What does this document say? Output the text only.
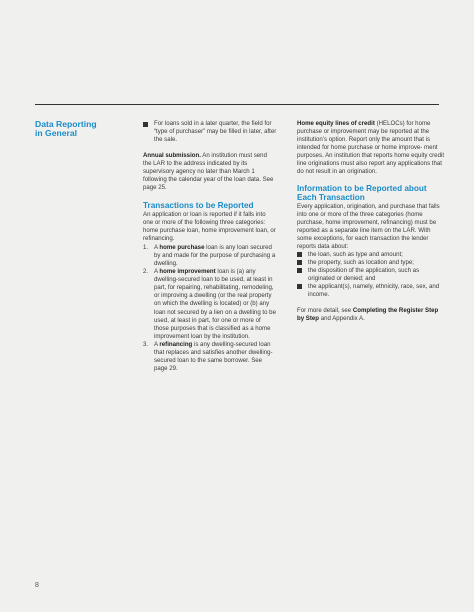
Data Reporting in General
For loans sold in a later quarter, the field for “type of purchaser” may be filled in later, after the sale.

Annual submission. An institution must send the LAR to the address indicated by its supervisory agency no later than March 1 following the calendar year of the loan data. See page 25.

Transactions to be Reported

An application or loan is reported if it falls into one or more of the following three categories: home purchase loan, home improvement loan, or refinancing.

1. A home purchase loan is any loan secured by and made for the purpose of purchasing a dwelling.
2. A home improvement loan is (a) any dwelling-secured loan to be used, at least in part, for repairing, rehabilitating, remodeling, or improving a dwelling (or the real property on which the dwelling is located) or (b) any loan not secured by a lien on a dwelling to be used, at least in part, for one or more of those purposes that is classified as a home improvement loan by the institution.
3. A refinancing is any dwelling-secured loan that replaces and satisfies another dwelling-secured loan to the same borrower. See page 29.

Home equity lines of credit (HELOCs) for home purchase or improvement may be reported at the institution’s option. Report only the amount that is intended for home purchase or home improve- ment purposes. An institution that reports home equity credit line originations must also report any applications that do not result in an origination.

Information to be Reported about Each Transaction

Every application, origination, and purchase that falls into one or more of the three categories (home purchase, home improvement, refinancing) must be reported as a separate line item on the LAR. With some exceptions, for each transaction the lender reports data about:

the loan, such as type and amount;
the property, such as location and type;
the disposition of the application, such as originated or denied; and
the applicant(s), namely, ethnicity, race, sex, and income.

For more detail, see Completing the Register Step by Step and Appendix A.

8
